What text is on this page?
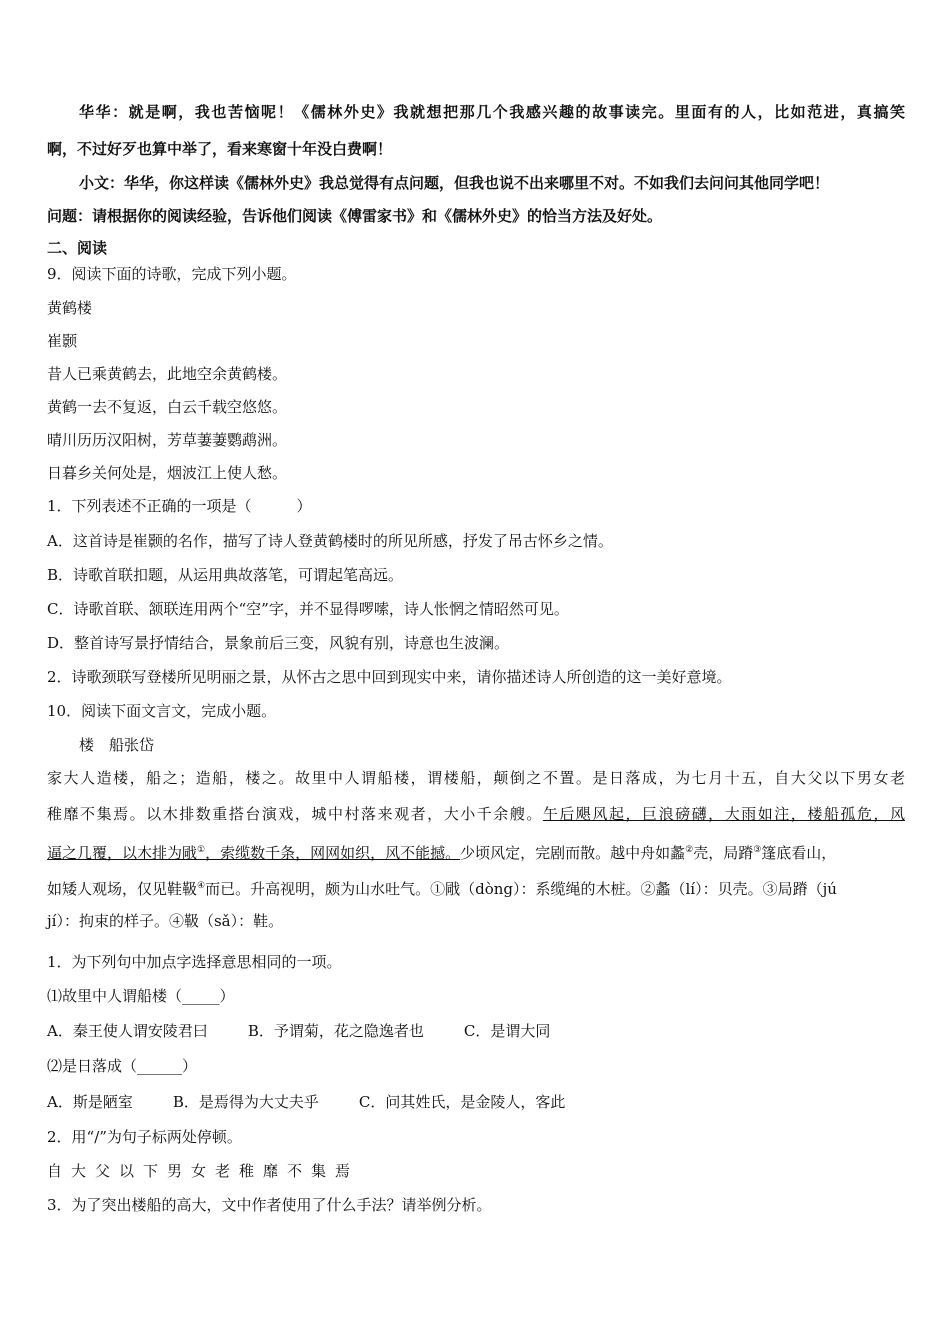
华华：就是啊，我也苦恼呢！《儒林外史》我就想把那几个我感兴趣的故事读完。里面有的人，比如范进，真搞笑
啊，不过好歹也算中举了，看来寒窗十年没白费啊！
小文：华华，你这样读《儒林外史》我总觉得有点问题，但我也说不出来哪里不对。不如我们去问问其他同学吧！
问题：请根据你的阅读经验，告诉他们阅读《傅雷家书》和《儒林外史》的恰当方法及好处。
二、阅读
9．阅读下面的诗歌，完成下列小题。
黄鹤楼
崔颢
昔人已乘黄鹤去，此地空余黄鹤楼。
黄鹤一去不复返，白云千载空悠悠。
晴川历历汉阳树，芳草萋萋鹦鹉洲。
日暮乡关何处是，烟波江上使人愁。
1．下列表述不正确的一项是（　　　）
A．这首诗是崔颢的名作，描写了诗人登黄鹤楼时的所见所感，抒发了吊古怀乡之情。
B．诗歌首联扣题，从运用典故落笔，可谓起笔高远。
C．诗歌首联、颔联连用两个“空”字，并不显得啰嗦，诗人怅惘之情昭然可见。
D．整首诗写景抒情结合，景象前后三变，风貌有别，诗意也生波澜。
2．诗歌颈联写登楼所见明丽之景，从怀古之思中回到现实中来，请你描述诗人所创造的这一美好意境。
10．阅读下面文言文，完成小题。
楼　船张岱
家大人造楼，船之；造船，楼之。故里中人谓船楼，谓楼船，颠倒之不置。是日落成，为七月十五，自大父以下男女老
稚靡不集焉。以木排数重搭台演戏，城中村落来观者，大小千余艘。午后飓风起，巨浪磅礴，大雨如注，楼船孤危，风
逼之几覆，以木排为戙①，索缆数千条，网网如织，风不能撼。少顷风定，完剧而散。越中舟如蠡②壳，局蹐③篷底看山，
如矮人观场，仅见鞋靸④而已。升高视明，颇为山水吐气。①戙（dòng）：系缆绳的木桩。②蠡（lí）：贝壳。③局蹐（jú
jí）：拘束的样子。④靸（sǎ）：鞋。
1．为下列句中加点字选择意思相同的一项。
⑴故里中人谓船楼（_____）
A．秦王使人谓安陵君曰	B．予谓菊，花之隐逸者也	C．是谓大同
⑵是日落成（______）
A．斯是陋室	B．是焉得为大丈夫乎	C．问其姓氏，是金陵人，客此
2．用“/”为句子标两处停顿。
自大父以下男女老稚靡不集焉
3．为了突出楼船的高大，文中作者使用了什么手法？请举例分析。
